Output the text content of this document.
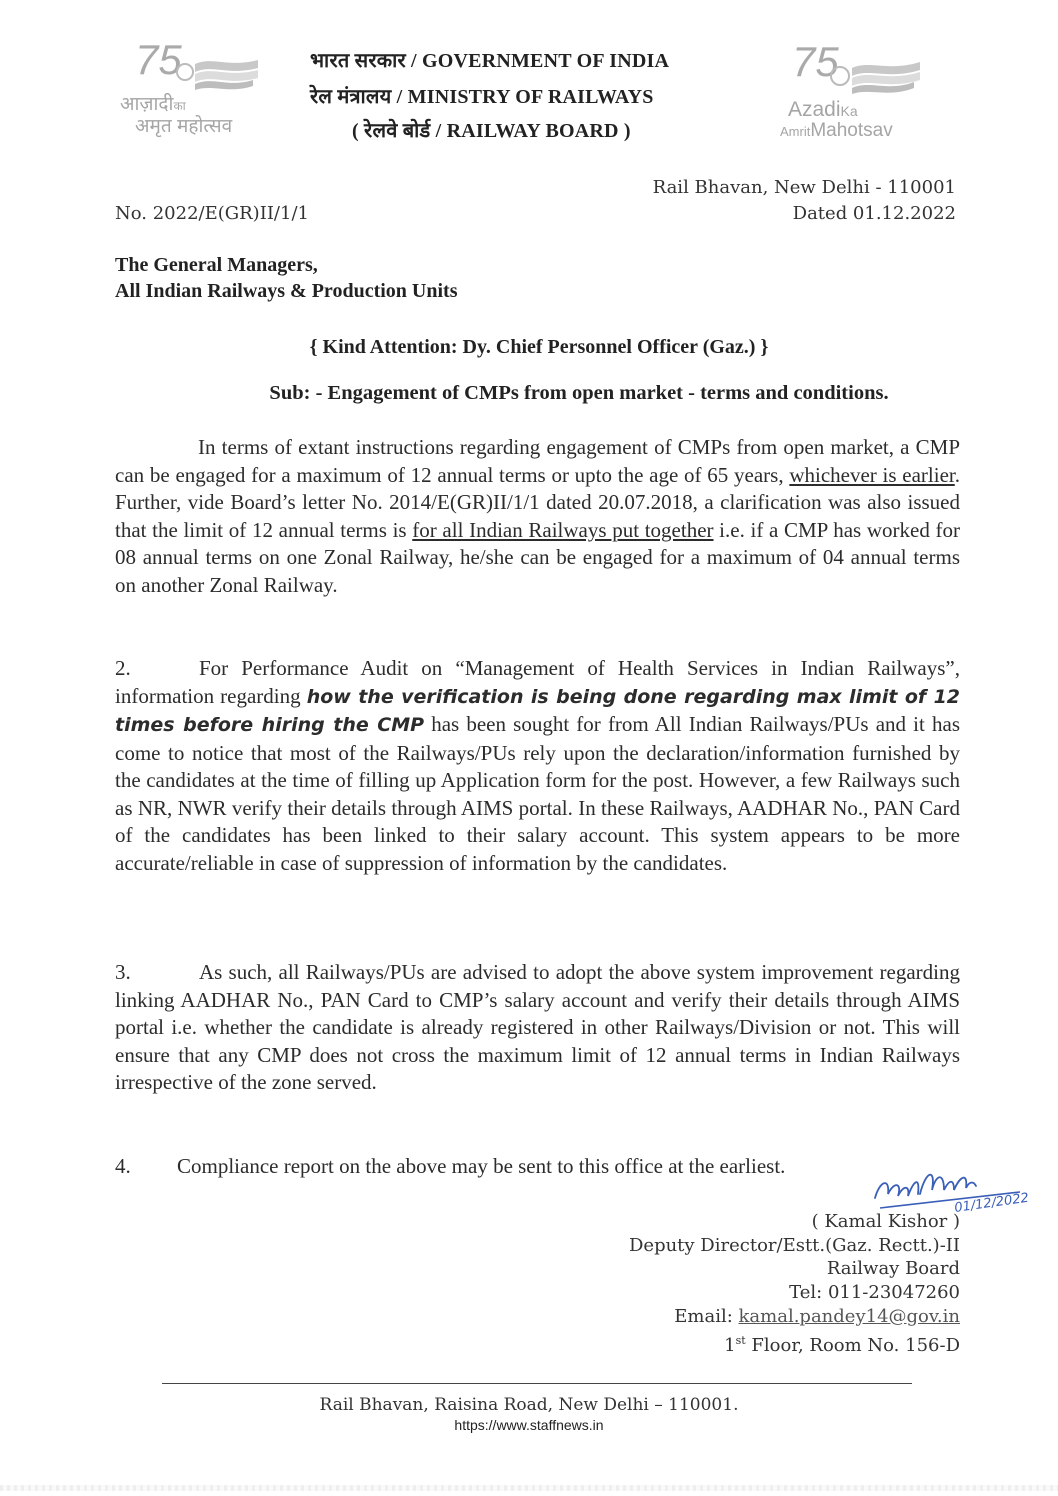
75
आज़ादीका
अमृत महोत्सव
भारत सरकार / GOVERNMENT OF INDIA
रेल मंत्रालय / MINISTRY OF RAILWAYS
( रेलवे बोर्ड / RAILWAY BOARD )
75
AzadiKa
AmritMahotsav
Rail Bhavan, New Delhi - 110001
No. 2022/E(GR)II/1/1	Dated 01.12.2022
The General Managers,
All Indian Railways & Production Units
{ Kind Attention: Dy. Chief Personnel Officer (Gaz.) }
Sub: - Engagement of CMPs from open market - terms and conditions.
In terms of extant instructions regarding engagement of CMPs from open market, a CMP can be engaged for a maximum of 12 annual terms or upto the age of 65 years, whichever is earlier. Further, vide Board’s letter No. 2014/E(GR)II/1/1 dated 20.07.2018, a clarification was also issued that the limit of 12 annual terms is for all Indian Railways put together i.e. if a CMP has worked for 08 annual terms on one Zonal Railway, he/she can be engaged for a maximum of 04 annual terms on another Zonal Railway.
2.	For Performance Audit on “Management of Health Services in Indian Railways”, information regarding how the verification is being done regarding max limit of 12 times before hiring the CMP has been sought for from All Indian Railways/PUs and it has come to notice that most of the Railways/PUs rely upon the declaration/information furnished by the candidates at the time of filling up Application form for the post. However, a few Railways such as NR, NWR verify their details through AIMS portal. In these Railways, AADHAR No., PAN Card of the candidates has been linked to their salary account. This system appears to be more accurate/reliable in case of suppression of information by the candidates.
3.	As such, all Railways/PUs are advised to adopt the above system improvement regarding linking AADHAR No., PAN Card to CMP’s salary account and verify their details through AIMS portal i.e. whether the candidate is already registered in other Railways/Division or not. This will ensure that any CMP does not cross the maximum limit of 12 annual terms in Indian Railways irrespective of the zone served.
4. Compliance report on the above may be sent to this office at the earliest.
01/12/2022
( Kamal Kishor )
Deputy Director/Estt.(Gaz. Rectt.)-II
Railway Board
Tel: 011-23047260
Email: kamal.pandey14@gov.in
1st Floor, Room No. 156-D
Rail Bhavan, Raisina Road, New Delhi – 110001.
https://www.staffnews.in
